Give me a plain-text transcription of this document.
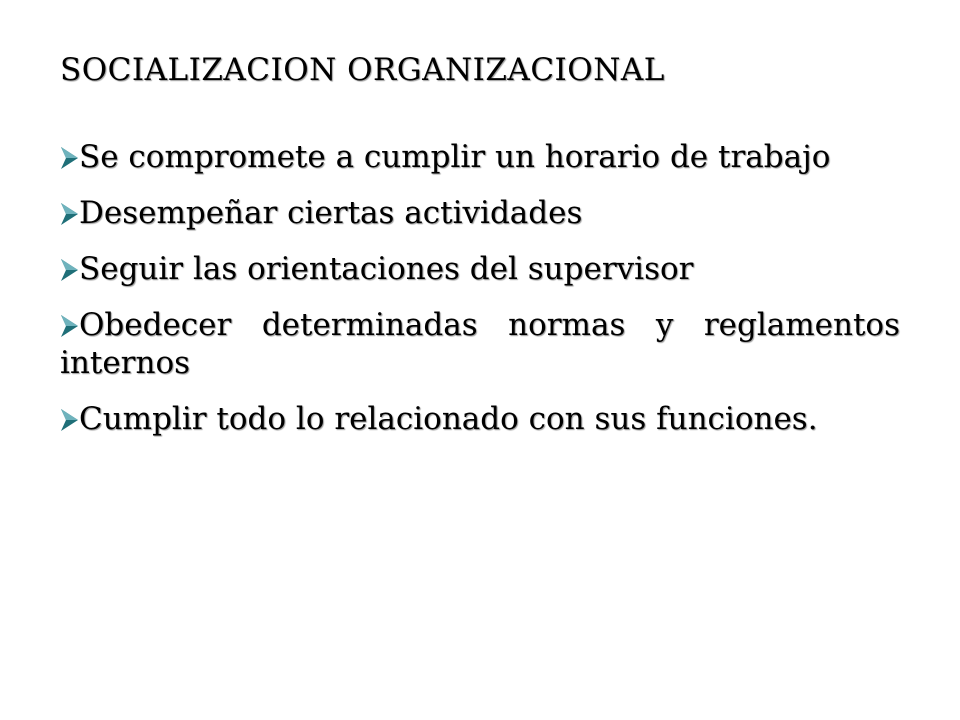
SOCIALIZACION ORGANIZACIONAL
Se compromete a cumplir un horario de trabajo
Desempeñar ciertas actividades
Seguir las orientaciones del supervisor
Obedecer determinadas normas y reglamentos internos
Cumplir todo lo relacionado con sus funciones.
